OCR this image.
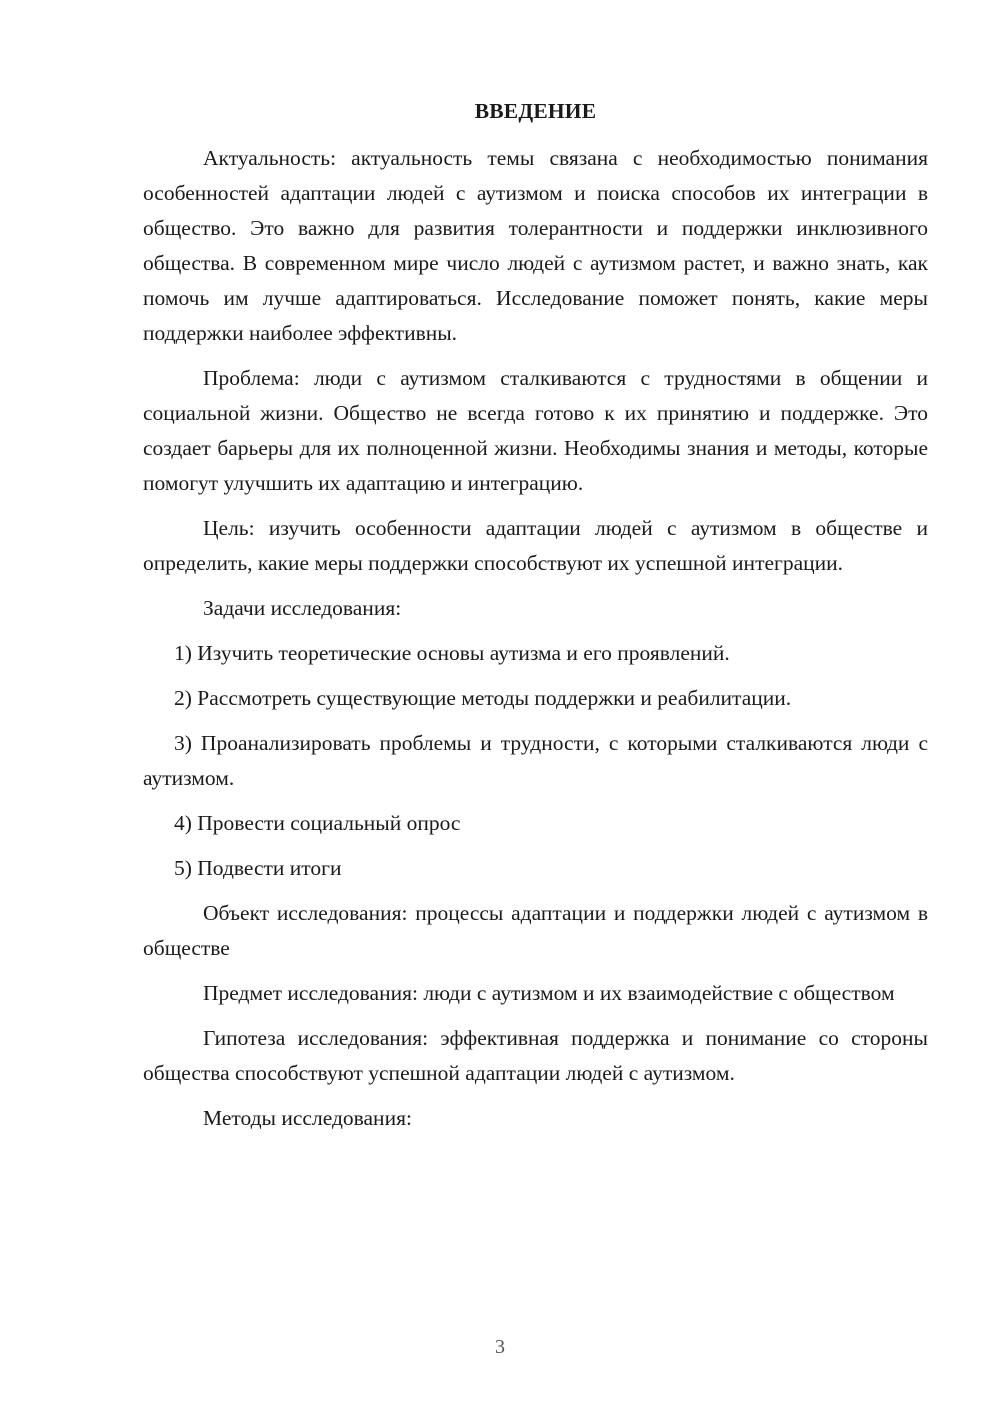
ВВЕДЕНИЕ

Актуальность: актуальность темы связана с необходимостью понимания особенностей адаптации людей с аутизмом и поиска способов их интеграции в общество. Это важно для развития толерантности и поддержки инклюзивного общества. В современном мире число людей с аутизмом растет, и важно знать, как помочь им лучше адаптироваться. Исследование поможет понять, какие меры поддержки наиболее эффективны.

Проблема: люди с аутизмом сталкиваются с трудностями в общении и социальной жизни. Общество не всегда готово к их принятию и поддержке. Это создает барьеры для их полноценной жизни. Необходимы знания и методы, которые помогут улучшить их адаптацию и интеграцию.

Цель: изучить особенности адаптации людей с аутизмом в обществе и определить, какие меры поддержки способствуют их успешной интеграции.

Задачи исследования:

1) Изучить теоретические основы аутизма и его проявлений.

2) Рассмотреть существующие методы поддержки и реабилитации.

3) Проанализировать проблемы и трудности, с которыми сталкиваются люди с аутизмом.

4) Провести социальный опрос

5) Подвести итоги

Объект исследования: процессы адаптации и поддержки людей с аутизмом в обществе

Предмет исследования: люди с аутизмом и их взаимодействие с обществом

Гипотеза исследования: эффективная поддержка и понимание со стороны общества способствуют успешной адаптации людей с аутизмом.

Методы исследования:

3
